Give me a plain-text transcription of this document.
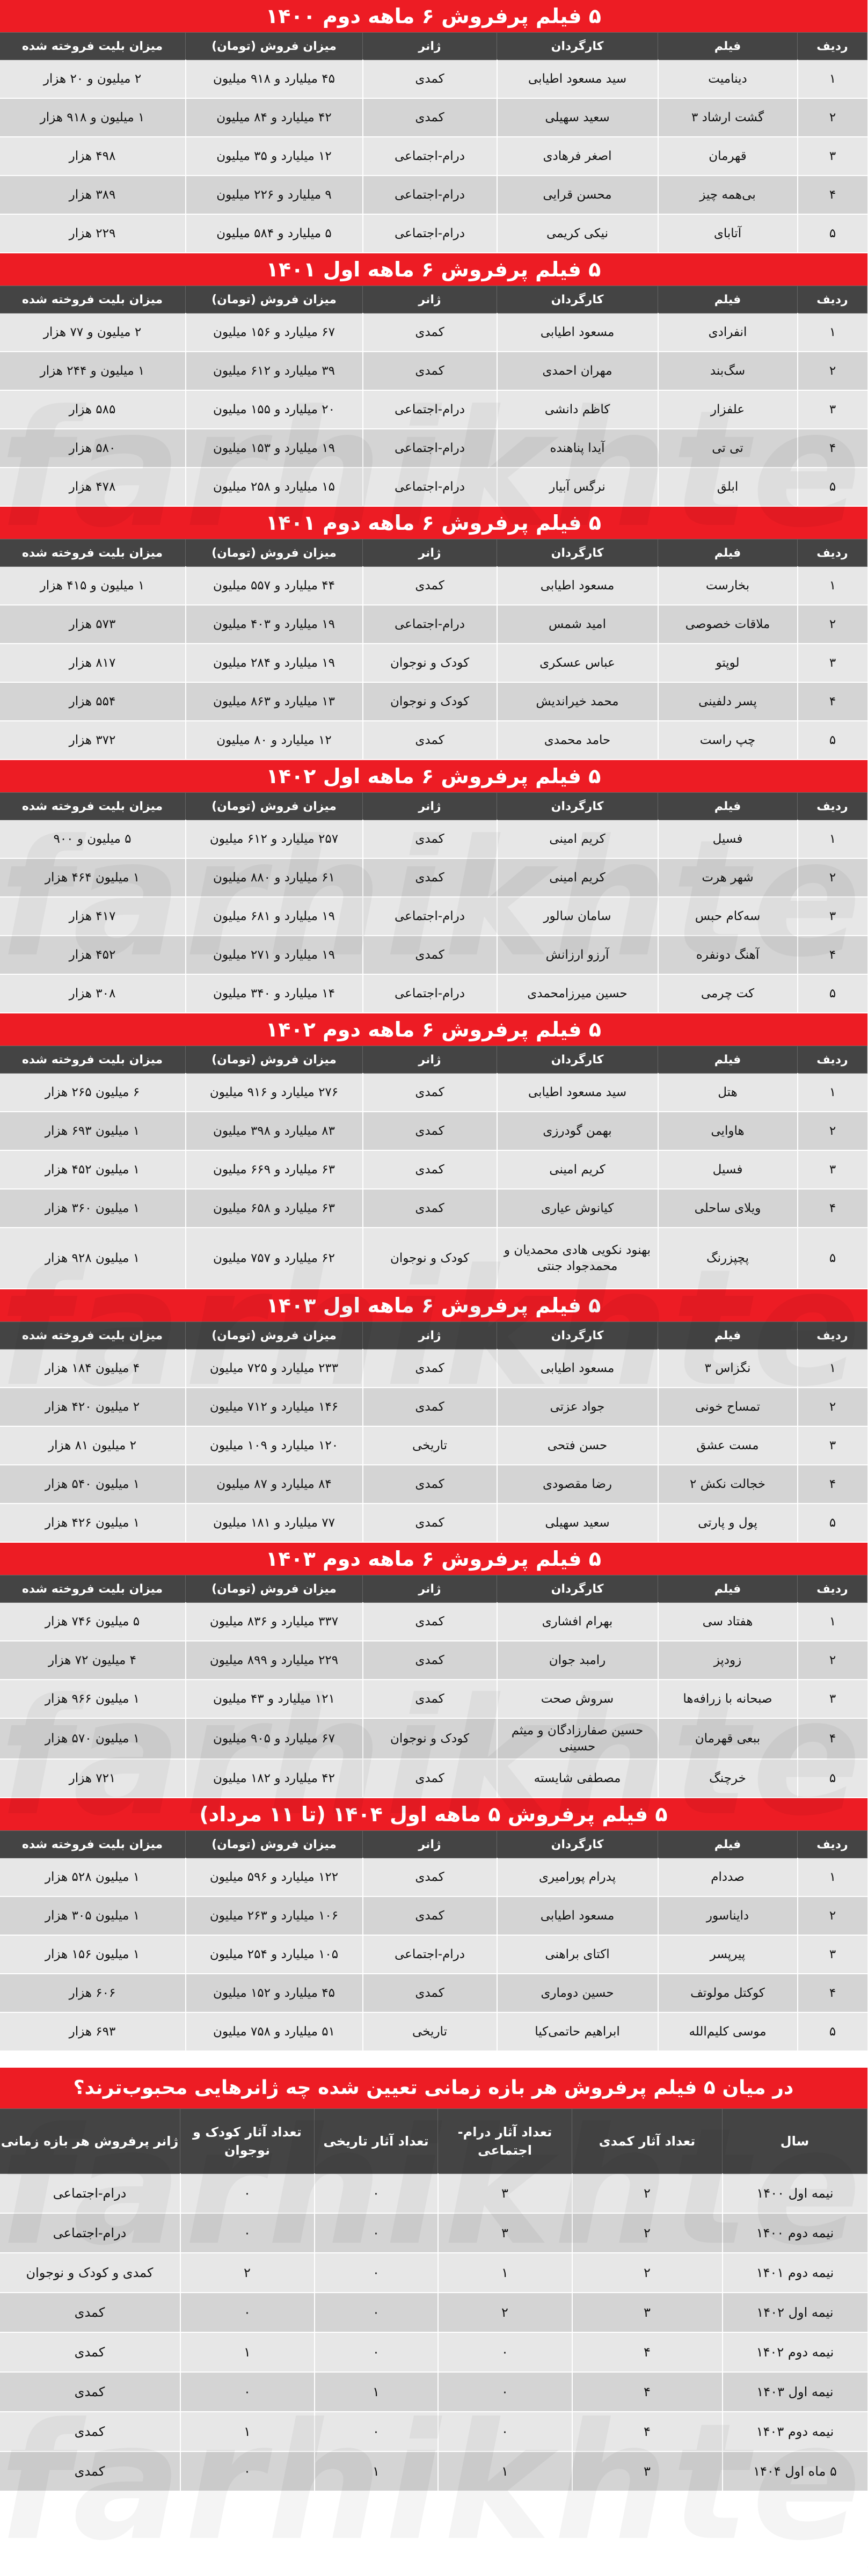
۵ فیلم پرفروش ۶ ماهه دوم ۱۴۰۰
ردیف	فیلم	کارگردان	ژانر	میزان فروش (تومان)	میزان بلیت فروخته شده
۱	دینامیت	سید مسعود اطیابی	کمدی	۴۵ میلیارد و ۹۱۸ میلیون	۲ میلیون و ۲۰ هزار
۲	گشت ارشاد ۳	سعید سهیلی	کمدی	۴۲ میلیارد و ۸۴ میلیون	۱ میلیون و ۹۱۸ هزار
۳	قهرمان	اصغر فرهادی	درام-اجتماعی	۱۲ میلیارد و ۳۵ میلیون	۴۹۸ هزار
۴	بی‌همه چیز	محسن قرایی	درام-اجتماعی	۹ میلیارد و ۲۲۶ میلیون	۳۸۹ هزار
۵	آتابای	نیکی کریمی	درام-اجتماعی	۵ میلیارد و ۵۸۴ میلیون	۲۲۹ هزار
۵ فیلم پرفروش ۶ ماهه اول ۱۴۰۱
ردیف	فیلم	کارگردان	ژانر	میزان فروش (تومان)	میزان بلیت فروخته شده
۱	انفرادی	مسعود اطیابی	کمدی	۶۷ میلیارد و ۱۵۶ میلیون	۲ میلیون و ۷۷ هزار
۲	سگ‌بند	مهران احمدی	کمدی	۳۹ میلیارد و ۶۱۲ میلیون	۱ میلیون و ۲۴۴ هزار
۳	علفزار	کاظم دانشی	درام-اجتماعی	۲۰ میلیارد و ۱۵۵ میلیون	۵۸۵ هزار
۴	تی تی	آیدا پناهنده	درام-اجتماعی	۱۹ میلیارد و ۱۵۳ میلیون	۵۸۰ هزار
۵	ابلق	نرگس آبیار	درام-اجتماعی	۱۵ میلیارد و ۲۵۸ میلیون	۴۷۸ هزار
۵ فیلم پرفروش ۶ ماهه دوم ۱۴۰۱
ردیف	فیلم	کارگردان	ژانر	میزان فروش (تومان)	میزان بلیت فروخته شده
۱	بخارست	مسعود اطیابی	کمدی	۴۴ میلیارد و ۵۵۷ میلیون	۱ میلیون و ۴۱۵ هزار
۲	ملاقات خصوصی	امید شمس	درام-اجتماعی	۱۹ میلیارد و ۴۰۳ میلیون	۵۷۳ هزار
۳	لوپتو	عباس عسکری	کودک و نوجوان	۱۹ میلیارد و ۲۸۴ میلیون	۸۱۷ هزار
۴	پسر دلفینی	محمد خیراندیش	کودک و نوجوان	۱۳ میلیارد و ۸۶۳ میلیون	۵۵۴ هزار
۵	چپ راست	حامد محمدی	کمدی	۱۲ میلیارد و ۸۰ میلیون	۳۷۲ هزار
۵ فیلم پرفروش ۶ ماهه اول ۱۴۰۲
ردیف	فیلم	کارگردان	ژانر	میزان فروش (تومان)	میزان بلیت فروخته شده
۱	فسیل	کریم امینی	کمدی	۲۵۷ میلیارد و ۶۱۲ میلیون	۵ میلیون و ۹۰۰
۲	شهر هرت	کریم امینی	کمدی	۶۱ میلیارد و ۸۸۰ میلیون	۱ میلیون ۴۶۴ هزار
۳	سه‌کام حبس	سامان سالور	درام-اجتماعی	۱۹ میلیارد و ۶۸۱ میلیون	۴۱۷ هزار
۴	آهنگ دونفره	آرزو ارزانش	کمدی	۱۹ میلیارد و ۲۷۱ میلیون	۴۵۲ هزار
۵	کت چرمی	حسین میرزامحمدی	درام-اجتماعی	۱۴ میلیارد و ۳۴۰ میلیون	۳۰۸ هزار
۵ فیلم پرفروش ۶ ماهه دوم ۱۴۰۲
ردیف	فیلم	کارگردان	ژانر	میزان فروش (تومان)	میزان بلیت فروخته شده
۱	هتل	سید مسعود اطیابی	کمدی	۲۷۶ میلیارد و ۹۱۶ میلیون	۶ میلیون ۲۶۵ هزار
۲	هاوایی	بهمن گودرزی	کمدی	۸۳ میلیارد و ۳۹۸ میلیون	۱ میلیون ۶۹۳ هزار
۳	فسیل	کریم امینی	کمدی	۶۳ میلیارد و ۶۶۹ میلیون	۱ میلیون ۴۵۲ هزار
۴	ویلای ساحلی	کیانوش عیاری	کمدی	۶۳ میلیارد و ۶۵۸ میلیون	۱ میلیون ۳۶۰ هزار
۵	پچپزرنگ	بهنود نکویی هادی محمدیان و محمدجواد جنتی	کودک و نوجوان	۶۲ میلیارد و ۷۵۷ میلیون	۱ میلیون ۹۲۸ هزار
۵ فیلم پرفروش ۶ ماهه اول ۱۴۰۳
ردیف	فیلم	کارگردان	ژانر	میزان فروش (تومان)	میزان بلیت فروخته شده
۱	نگزاس ۳	مسعود اطیابی	کمدی	۲۳۳ میلیارد و ۷۲۵ میلیون	۴ میلیون ۱۸۴ هزار
۲	تمساح خونی	جواد عزتی	کمدی	۱۴۶ میلیارد و ۷۱۲ میلیون	۲ میلیون ۴۲۰ هزار
۳	مست عشق	حسن فتحی	تاریخی	۱۲۰ میلیارد و ۱۰۹ میلیون	۲ میلیون ۸۱ هزار
۴	خجالت نکش ۲	رضا مقصودی	کمدی	۸۴ میلیارد و ۸۷ میلیون	۱ میلیون ۵۴۰ هزار
۵	پول و پارتی	سعید سهیلی	کمدی	۷۷ میلیارد و ۱۸۱ میلیون	۱ میلیون ۴۲۶ هزار
۵ فیلم پرفروش ۶ ماهه دوم ۱۴۰۳
ردیف	فیلم	کارگردان	ژانر	میزان فروش (تومان)	میزان بلیت فروخته شده
۱	هفتاد سی	بهرام افشاری	کمدی	۳۳۷ میلیارد و ۸۳۶ میلیون	۵ میلیون ۷۴۶ هزار
۲	زودپز	رامبد جوان	کمدی	۲۲۹ میلیارد و ۸۹۹ میلیون	۴ میلیون ۷۲ هزار
۳	صبحانه با زرافه‌ها	سروش صحت	کمدی	۱۲۱ میلیارد و ۴۳ میلیون	۱ میلیون ۹۶۶ هزار
۴	ببعی قهرمان	حسین صفارزادگان و میثم حسینی	کودک و نوجوان	۶۷ میلیارد و ۹۰۵ میلیون	۱ میلیون ۵۷۰ هزار
۵	خرچنگ	مصطفی شایسته	کمدی	۴۲ میلیارد و ۱۸۲ میلیون	۷۲۱ هزار
۵ فیلم پرفروش ۵ ماهه اول ۱۴۰۴ (تا ۱۱ مرداد)
ردیف	فیلم	کارگردان	ژانر	میزان فروش (تومان)	میزان بلیت فروخته شده
۱	صددام	پدرام پورامیری	کمدی	۱۲۲ میلیارد و ۵۹۶ میلیون	۱ میلیون ۵۲۸ هزار
۲	دایناسور	مسعود اطیابی	کمدی	۱۰۶ میلیارد و ۲۶۳ میلیون	۱ میلیون ۳۰۵ هزار
۳	پیرپسر	اکتای براهنی	درام-اجتماعی	۱۰۵ میلیارد و ۲۵۴ میلیون	۱ میلیون ۱۵۶ هزار
۴	کوکتل مولوتف	حسین دوماری	کمدی	۴۵ میلیارد و ۱۵۲ میلیون	۶۰۶ هزار
۵	موسی کلیم‌الله	ابراهیم حاتمی‌کیا	تاریخی	۵۱ میلیارد و ۷۵۸ میلیون	۶۹۳ هزار
در میان ۵ فیلم پرفروش هر بازه زمانی تعیین شده چه ژانرهایی محبوب‌ترند؟
سال	تعداد آثار کمدی	تعداد آثار درام-اجتماعی	تعداد آثار تاریخی	تعداد آثار کودک و نوجوان	ژانر پرفروش هر بازه زمانی
نیمه اول ۱۴۰۰	۲	۳	۰	۰	درام-اجتماعی
نیمه دوم ۱۴۰۰	۲	۳	۰	۰	درام-اجتماعی
نیمه دوم ۱۴۰۱	۲	۱	۰	۲	کمدی و کودک و نوجوان
نیمه اول ۱۴۰۲	۳	۲	۰	۰	کمدی
نیمه دوم ۱۴۰۲	۴	۰	۰	۱	کمدی
نیمه اول ۱۴۰۳	۴	۰	۱	۰	کمدی
نیمه دوم ۱۴۰۳	۴	۰	۰	۱	کمدی
۵ ماه اول ۱۴۰۴	۳	۱	۱	۰	کمدی
